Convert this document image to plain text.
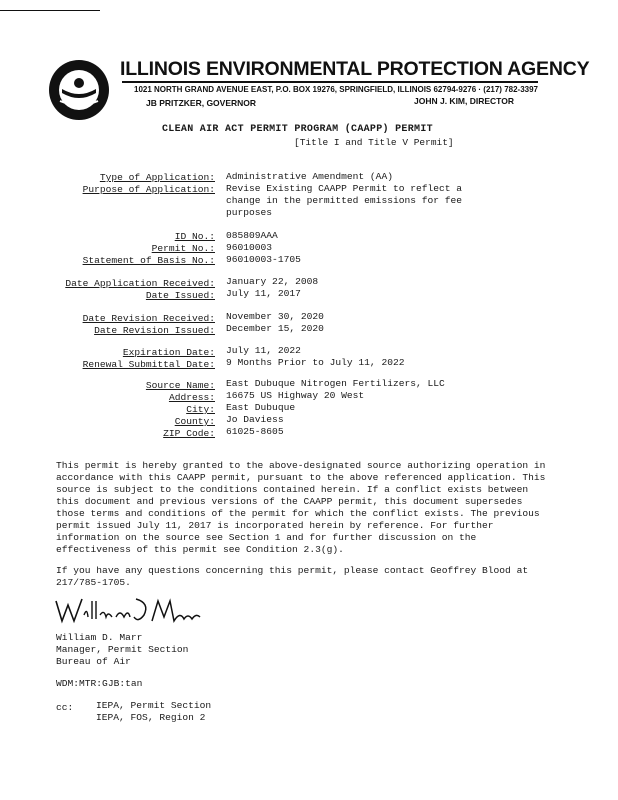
ILLINOIS ENVIRONMENTAL PROTECTION AGENCY
1021 NORTH GRAND AVENUE EAST, P.O. BOX 19276, SPRINGFIELD, ILLINOIS 62794-9276 · (217) 782-3397
JB PRITZKER, GOVERNOR	JOHN J. KIM, DIRECTOR
CLEAN AIR ACT PERMIT PROGRAM (CAAPP) PERMIT
[Title I and Title V Permit]
Type of Application: Administrative Amendment (AA)
Purpose of Application: Revise Existing CAAPP Permit to reflect a
change in the permitted emissions for fee
purposes
ID No.: 085809AAA
Permit No.: 96010003
Statement of Basis No.: 96010003-1705
Date Application Received: January 22, 2008
Date Issued: July 11, 2017
Date Revision Received: November 30, 2020
Date Revision Issued: December 15, 2020
Expiration Date: July 11, 2022
Renewal Submittal Date: 9 Months Prior to July 11, 2022
Source Name: East Dubuque Nitrogen Fertilizers, LLC
Address: 16675 US Highway 20 West
City: East Dubuque
County: Jo Daviess
ZIP Code: 61025-8605
This permit is hereby granted to the above-designated source authorizing operation in
accordance with this CAAPP permit, pursuant to the above referenced application. This
source is subject to the conditions contained herein. If a conflict exists between
this document and previous versions of the CAAPP permit, this document supersedes
those terms and conditions of the permit for which the conflict exists. The previous
permit issued July 11, 2017 is incorporated herein by reference. For further
information on the source see Section 1 and for further discussion on the
effectiveness of this permit see Condition 2.3(g).
If you have any questions concerning this permit, please contact Geoffrey Blood at
217/785-1705.
William D. Marr
Manager, Permit Section
Bureau of Air
WDM:MTR:GJB:tan
cc: IEPA, Permit Section
IEPA, FOS, Region 2
